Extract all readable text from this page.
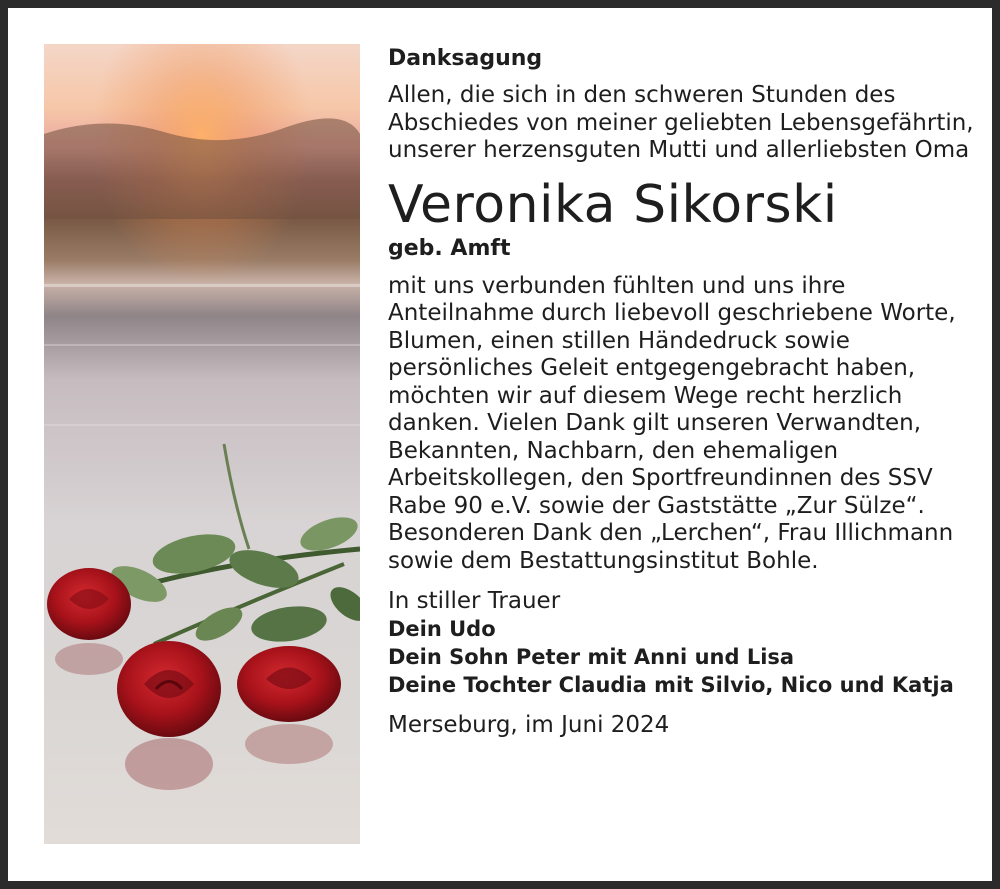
Danksagung

Allen, die sich in den schweren Stunden des Abschiedes von meiner geliebten Lebensgefährtin, unserer herzensguten Mutti und allerliebsten Oma

Veronika Sikorski

geb. Amft

mit uns verbunden fühlten und uns ihre Anteilnahme durch liebevoll geschriebene Worte, Blumen, einen stillen Händedruck sowie persönliches Geleit entgegengebracht haben, möchten wir auf diesem Wege recht herzlich danken. Vielen Dank gilt unseren Verwandten, Bekannten, Nachbarn, den ehemaligen Arbeitskollegen, den Sportfreundinnen des SSV Rabe 90 e.V. sowie der Gaststätte „Zur Sülze“. Besonderen Dank den „Lerchen“, Frau Illichmann sowie dem Bestattungsinstitut Bohle.

In stiller Trauer

Dein Udo

Dein Sohn Peter mit Anni und Lisa

Deine Tochter Claudia mit Silvio, Nico und Katja

Merseburg, im Juni 2024
